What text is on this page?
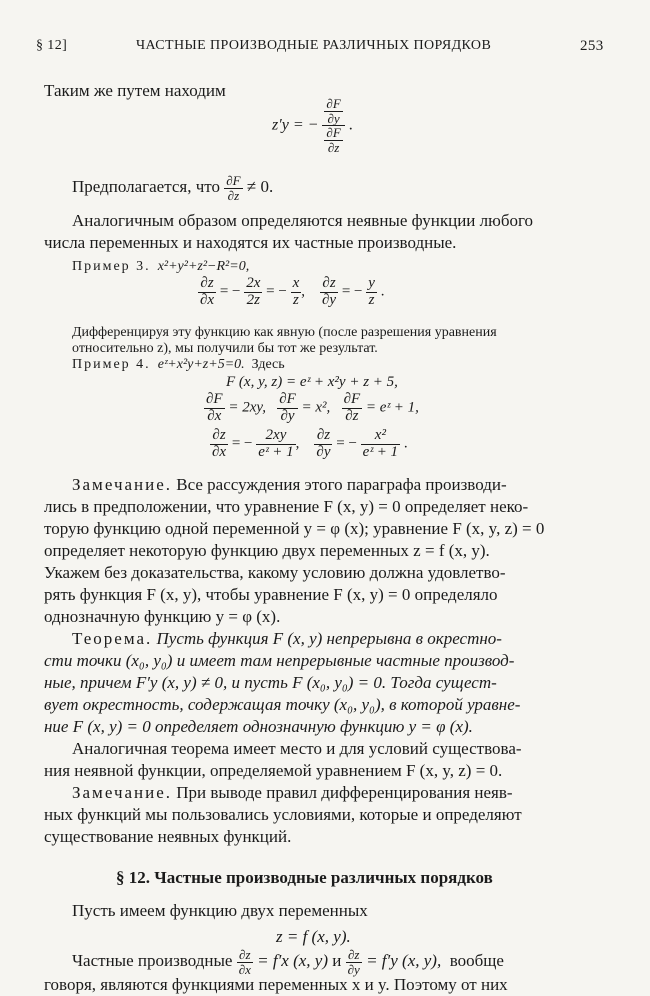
§ 12]	ЧАСТНЫЕ ПРОИЗВОДНЫЕ РАЗЛИЧНЫХ ПОРЯДКОВ	253
Таким же путем находим
z′y = − $\frac{\frac{\partial F}{\partial y}}{\frac{\partial F}{\partial z}}$ .
Предполагается, что $\frac{\partial F}{\partial z} \ne 0$.
Аналогичным образом определяются неявные функции любого
числа переменных и находятся их частные производные.
Пример 3. x²+y²+z²−R²=0,
$\frac{\partial z}{\partial x}$ = − $\frac{2x}{2z}$ = − $\frac{x}{z}$ , $\frac{\partial z}{\partial y}$ = − $\frac{y}{z}$ .
Дифференцируя эту функцию как явную (после разрешения уравнения
относительно z), мы получили бы тот же результат.
Пример 4. eᶻ+x²y+z+5=0. Здесь
F (x, y, z) = eᶻ + x²y + z + 5,
$\frac{\partial F}{\partial x} = 2xy$, $\frac{\partial F}{\partial y} = x^2$, $\frac{\partial F}{\partial z}$ = eᶻ + 1,
$\frac{\partial z}{\partial x}$ = − $\frac{2xy}{\text{eᶻ + 1}}$ , $\frac{\partial z}{\partial y}$ = − $\frac{\text{x²}}{\text{eᶻ + 1}}$ .
Замечание. Все рассуждения этого параграфа производи-
лись в предположении, что уравнение F (x, y) = 0 определяет неко-
торую функцию одной переменной y = φ (x); уравнение F (x, y, z) = 0
определяет некоторую функцию двух переменных z = f (x, y).
Укажем без доказательства, какому условию должна удовлетво-
рять функция F (x, y), чтобы уравнение F (x, y) = 0 определяло
однозначную функцию y = φ (x).
Теорема. Пусть функция F (x, y) непрерывна в окрестно-
сти точки (x₀, y₀) и имеет там непрерывные частные производ-
ные, причем F′y (x, y) ≠ 0, и пусть F (x₀, y₀) = 0. Тогда сущест-
вует окрестность, содержащая точку (x₀, y₀), в которой уравне-
ние F (x, y) = 0 определяет однозначную функцию y = φ (x).
Аналогичная теорема имеет место и для условий существова-
ния неявной функции, определяемой уравнением F (x, y, z) = 0.
Замечание. При выводе правил дифференцирования неяв-
ных функций мы пользовались условиями, которые и определяют
существование неявных функций.
§ 12. Частные производные различных порядков
Пусть имеем функцию двух переменных
z = f (x, y).
Частные производные $\frac{\partial z}{\partial x} = f'x$ (x, y) и $\frac{\partial z}{\partial y} = f'y$ (x, y), вообще
говоря, являются функциями переменных x и y. Поэтому от них
